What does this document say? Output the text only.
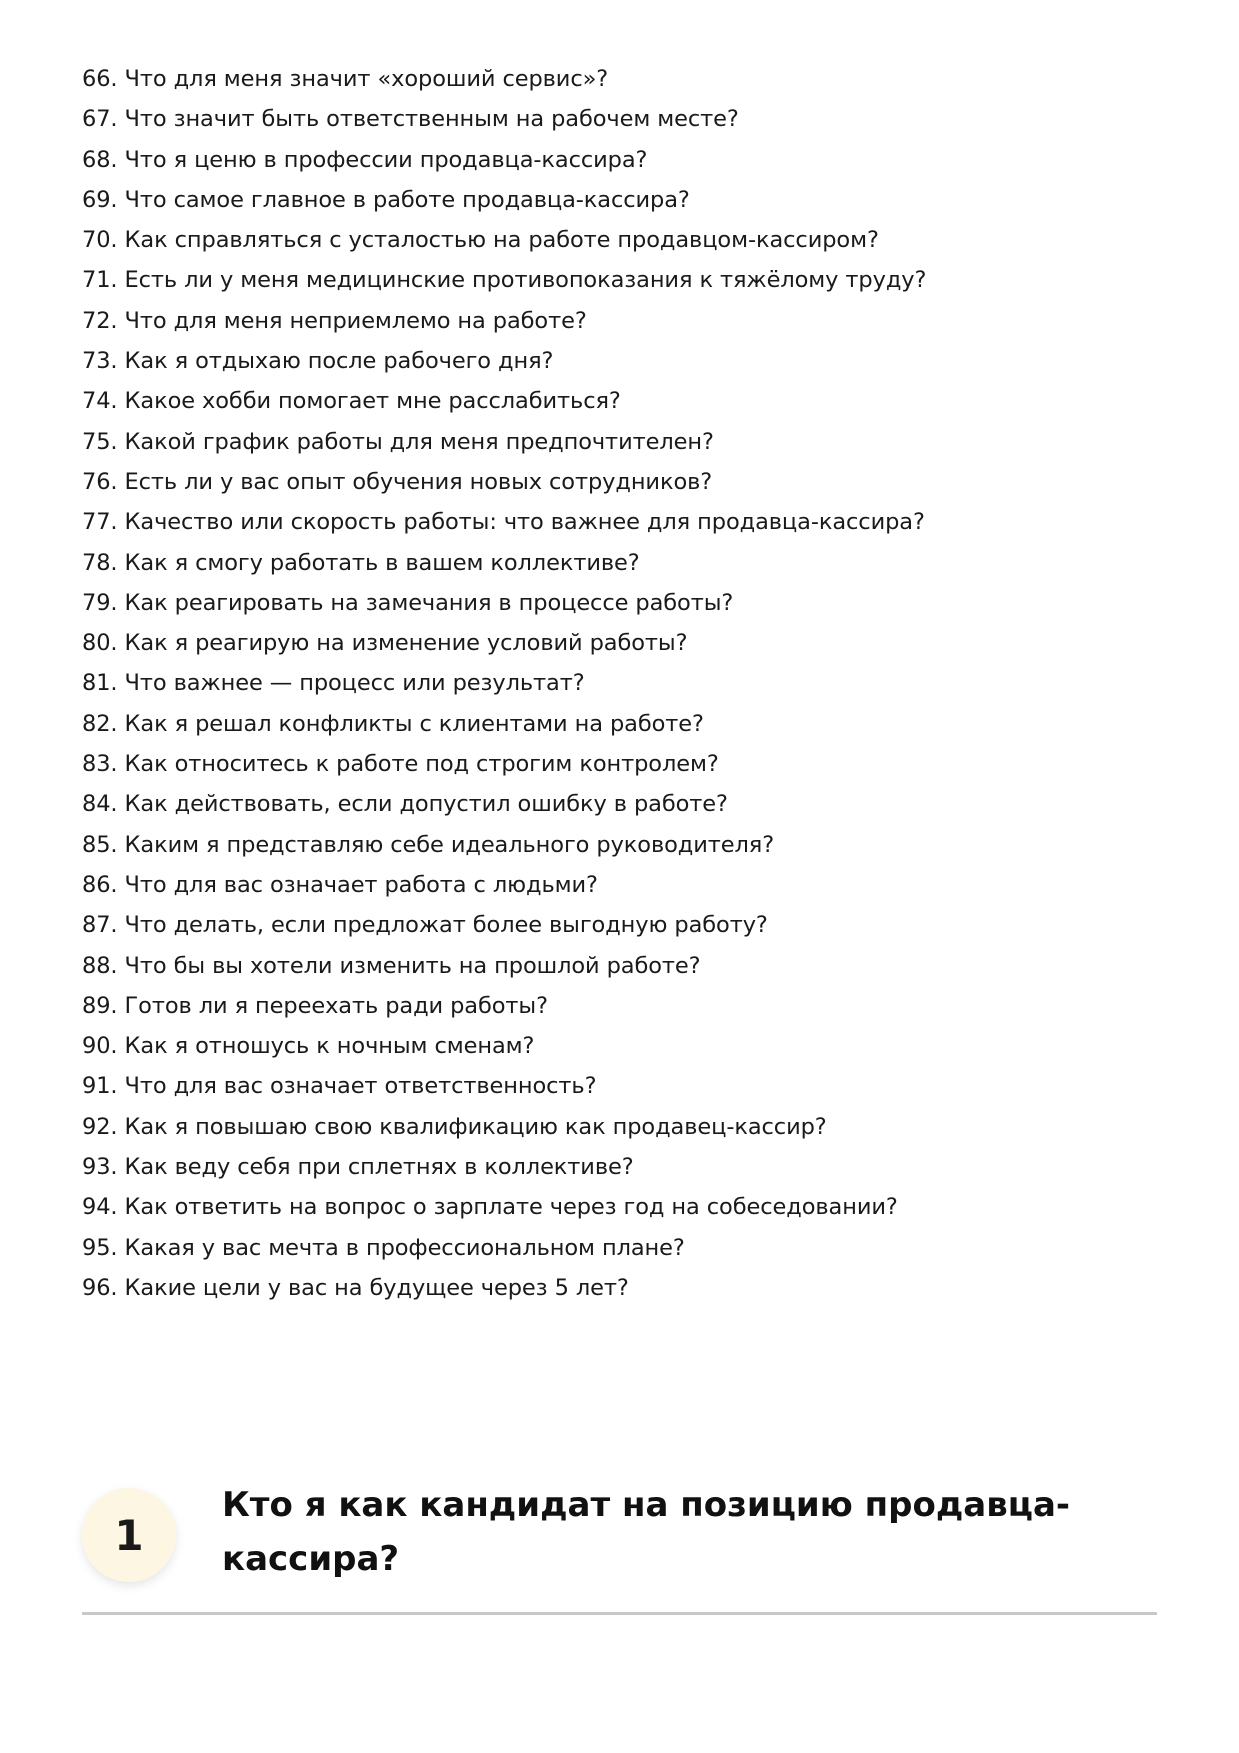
66. Что для меня значит «хороший сервис»?
67. Что значит быть ответственным на рабочем месте?
68. Что я ценю в профессии продавца-кассира?
69. Что самое главное в работе продавца-кассира?
70. Как справляться с усталостью на работе продавцом-кассиром?
71. Есть ли у меня медицинские противопоказания к тяжёлому труду?
72. Что для меня неприемлемо на работе?
73. Как я отдыхаю после рабочего дня?
74. Какое хобби помогает мне расслабиться?
75. Какой график работы для меня предпочтителен?
76. Есть ли у вас опыт обучения новых сотрудников?
77. Качество или скорость работы: что важнее для продавца-кассира?
78. Как я смогу работать в вашем коллективе?
79. Как реагировать на замечания в процессе работы?
80. Как я реагирую на изменение условий работы?
81. Что важнее — процесс или результат?
82. Как я решал конфликты с клиентами на работе?
83. Как относитесь к работе под строгим контролем?
84. Как действовать, если допустил ошибку в работе?
85. Каким я представляю себе идеального руководителя?
86. Что для вас означает работа с людьми?
87. Что делать, если предложат более выгодную работу?
88. Что бы вы хотели изменить на прошлой работе?
89. Готов ли я переехать ради работы?
90. Как я отношусь к ночным сменам?
91. Что для вас означает ответственность?
92. Как я повышаю свою квалификацию как продавец-кассир?
93. Как веду себя при сплетнях в коллективе?
94. Как ответить на вопрос о зарплате через год на собеседовании?
95. Какая у вас мечта в профессиональном плане?
96. Какие цели у вас на будущее через 5 лет?
1
Кто я как кандидат на позицию продавца-кассира?
